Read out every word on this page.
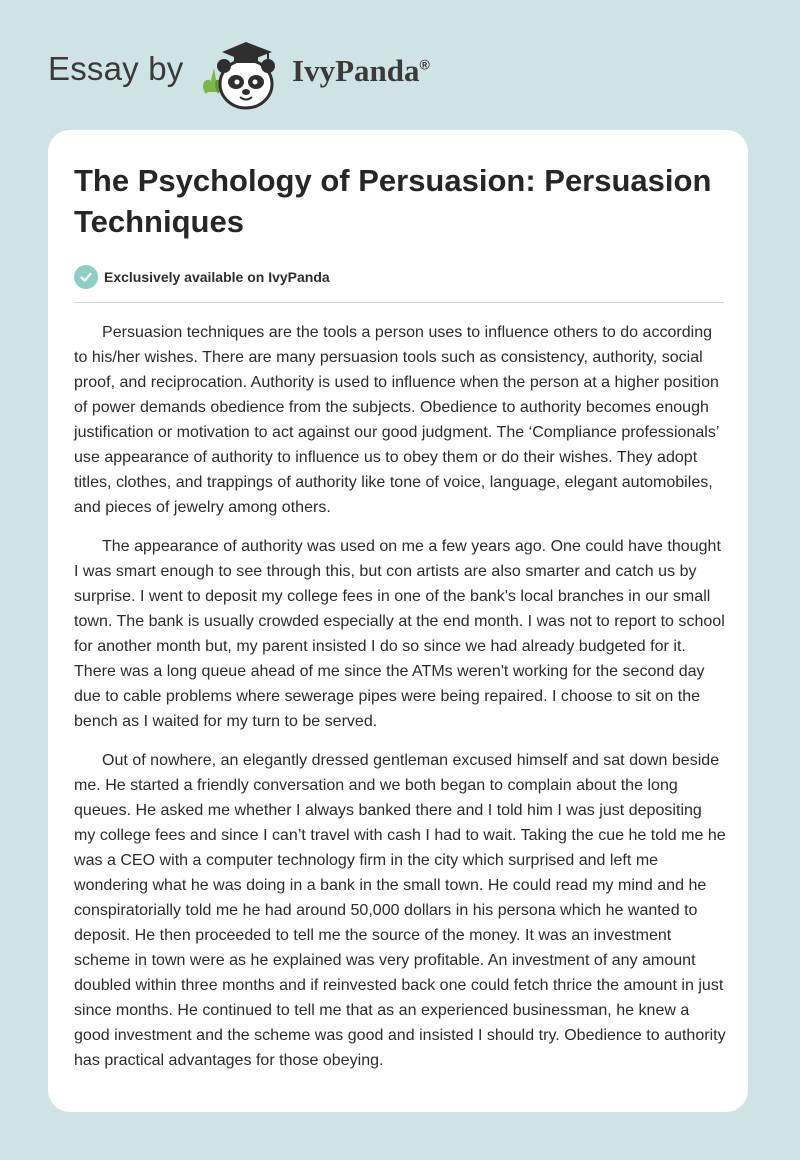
Essay by	IvyPanda®
The Psychology of Persuasion: Persuasion Techniques
Exclusively available on IvyPanda

Persuasion techniques are the tools a person uses to influence others to do according to his/her wishes. There are many persuasion tools such as consistency, authority, social proof, and reciprocation. Authority is used to influence when the person at a higher position of power demands obedience from the subjects. Obedience to authority becomes enough justification or motivation to act against our good judgment. The ‘Compliance professionals’ use appearance of authority to influence us to obey them or do their wishes. They adopt titles, clothes, and trappings of authority like tone of voice, language, elegant automobiles, and pieces of jewelry among others.

The appearance of authority was used on me a few years ago. One could have thought I was smart enough to see through this, but con artists are also smarter and catch us by surprise. I went to deposit my college fees in one of the bank's local branches in our small town. The bank is usually crowded especially at the end month. I was not to report to school for another month but, my parent insisted I do so since we had already budgeted for it. There was a long queue ahead of me since the ATMs weren't working for the second day due to cable problems where sewerage pipes were being repaired. I choose to sit on the bench as I waited for my turn to be served.

Out of nowhere, an elegantly dressed gentleman excused himself and sat down beside me. He started a friendly conversation and we both began to complain about the long queues. He asked me whether I always banked there and I told him I was just depositing my college fees and since I can’t travel with cash I had to wait. Taking the cue he told me he was a CEO with a computer technology firm in the city which surprised and left me wondering what he was doing in a bank in the small town. He could read my mind and he conspiratorially told me he had around 50,000 dollars in his persona which he wanted to deposit. He then proceeded to tell me the source of the money. It was an investment scheme in town were as he explained was very profitable. An investment of any amount doubled within three months and if reinvested back one could fetch thrice the amount in just since months. He continued to tell me that as an experienced businessman, he knew a good investment and the scheme was good and insisted I should try. Obedience to authority has practical advantages for those obeying.
